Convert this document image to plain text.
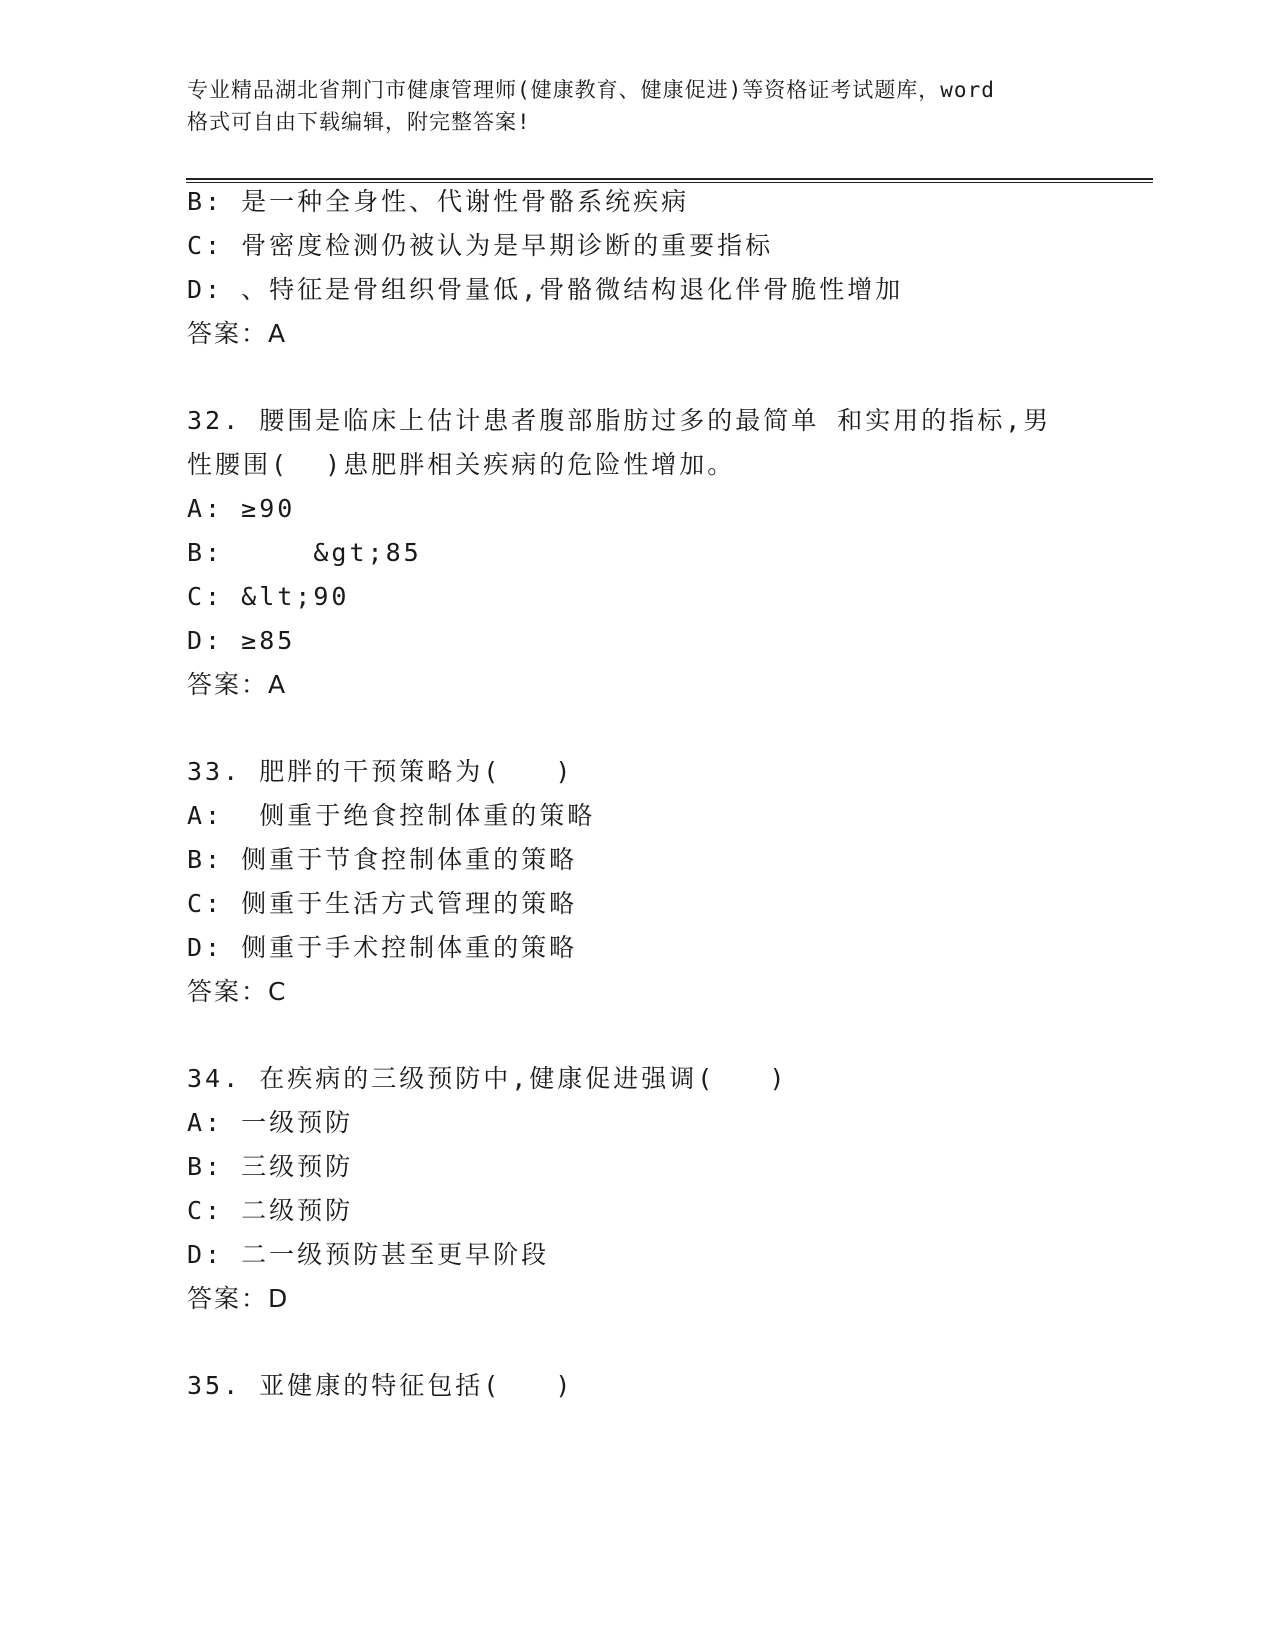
专业精品湖北省荆门市健康管理师(健康教育、健康促进)等资格证考试题库，word
格式可自由下载编辑，附完整答案!
B: 是一种全身性、代谢性骨骼系统疾病
C: 骨密度检测仍被认为是早期诊断的重要指标
D: 、特征是骨组织骨量低,骨骼微结构退化伴骨脆性增加
答案：A
32. 腰围是临床上估计患者腹部脂肪过多的最简单 和实用的指标,男
性腰围(  )患肥胖相关疾病的危险性增加。
A: ≥90
B:     &gt;85
C: &lt;90
D: ≥85
答案：A
33. 肥胖的干预策略为(   )
A:  侧重于绝食控制体重的策略
B: 侧重于节食控制体重的策略
C: 侧重于生活方式管理的策略
D: 侧重于手术控制体重的策略
答案：C
34. 在疾病的三级预防中,健康促进强调(   )
A: 一级预防
B: 三级预防
C: 二级预防
D: 二一级预防甚至更早阶段
答案：D
35. 亚健康的特征包括(   )
